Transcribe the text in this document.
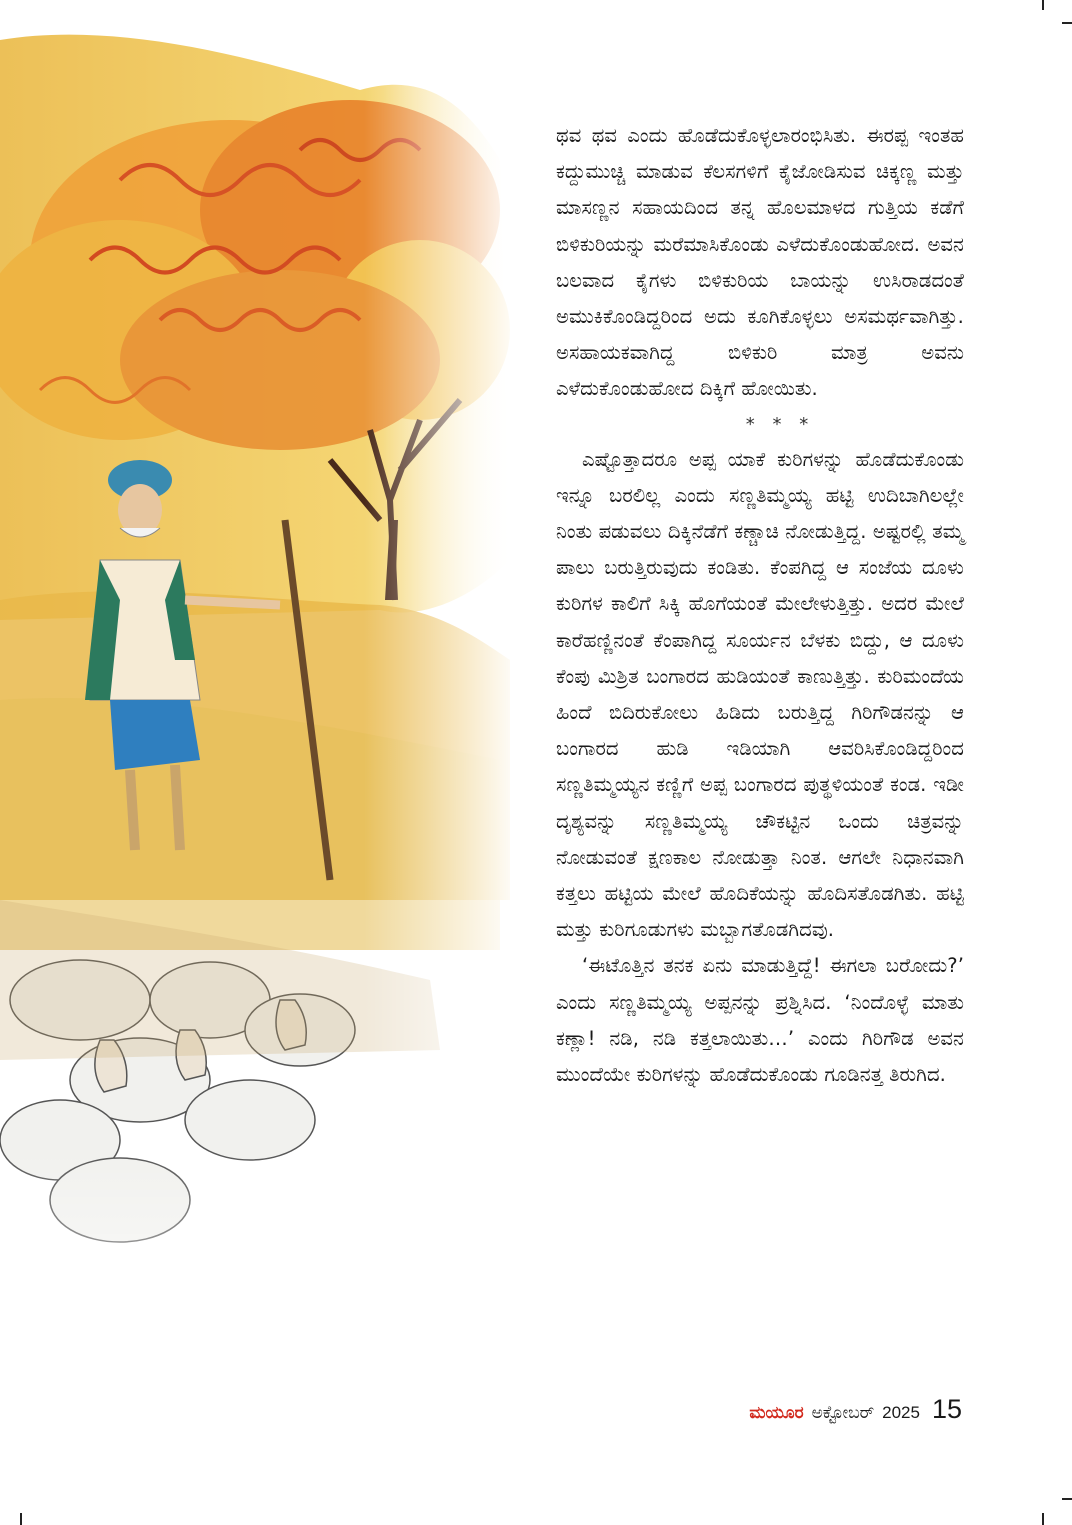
ಥವ ಥವ ಎಂದು ಹೊಡೆದುಕೊಳ್ಳಲಾರಂಭಿಸಿತು. ಈರಪ್ಪ ಇಂತಹ ಕದ್ದುಮುಚ್ಚಿ ಮಾಡುವ ಕೆಲಸಗಳಿಗೆ ಕೈಜೋಡಿಸುವ ಚಿಕ್ಕಣ್ಣ ಮತ್ತು ಮಾಸಣ್ಣನ ಸಹಾಯದಿಂದ ತನ್ನ ಹೊಲಮಾಳದ ಗುತ್ತಿಯ ಕಡೆಗೆ ಬಿಳಿಕುರಿಯನ್ನು ಮರೆಮಾಸಿಕೊಂಡು ಎಳೆದುಕೊಂಡುಹೋದ. ಅವನ ಬಲವಾದ ಕೈಗಳು ಬಿಳಿಕುರಿಯ ಬಾಯನ್ನು ಉಸಿರಾಡದಂತೆ ಅಮುಕಿಕೊಂಡಿದ್ದರಿಂದ ಅದು ಕೂಗಿಕೊಳ್ಳಲು ಅಸಮರ್ಥವಾಗಿತ್ತು. ಅಸಹಾಯಕವಾಗಿದ್ದ ಬಿಳಿಕುರಿ ಮಾತ್ರ ಅವನು ಎಳೆದುಕೊಂಡುಹೋದ ದಿಕ್ಕಿಗೆ ಹೋಯಿತು.

* * *

ಎಷ್ಟೊತ್ತಾದರೂ ಅಪ್ಪ ಯಾಕೆ ಕುರಿಗಳನ್ನು ಹೊಡೆದುಕೊಂಡು ಇನ್ನೂ ಬರಲಿಲ್ಲ ಎಂದು ಸಣ್ಣತಿಮ್ಮಯ್ಯ ಹಟ್ಟಿ ಉದಿಬಾಗಿಲಲ್ಲೇ ನಿಂತು ಪಡುವಲು ದಿಕ್ಕಿನೆಡೆಗೆ ಕಣ್ಚಾಚಿ ನೋಡುತ್ತಿದ್ದ. ಅಷ್ಟರಲ್ಲಿ ತಮ್ಮ ಪಾಲು ಬರುತ್ತಿರುವುದು ಕಂಡಿತು. ಕೆಂಪಗಿದ್ದ ಆ ಸಂಜೆಯ ದೂಳು ಕುರಿಗಳ ಕಾಲಿಗೆ ಸಿಕ್ಕಿ ಹೊಗೆಯಂತೆ ಮೇಲೇಳುತ್ತಿತ್ತು. ಅದರ ಮೇಲೆ ಕಾರೆಹಣ್ಣಿನಂತೆ ಕೆಂಪಾಗಿದ್ದ ಸೂರ್ಯನ ಬೆಳಕು ಬಿದ್ದು, ಆ ದೂಳು ಕೆಂಪು ಮಿಶ್ರಿತ ಬಂಗಾರದ ಹುಡಿಯಂತೆ ಕಾಣುತ್ತಿತ್ತು. ಕುರಿಮಂದೆಯ ಹಿಂದೆ ಬಿದಿರುಕೋಲು ಹಿಡಿದು ಬರುತ್ತಿದ್ದ ಗಿರಿಗೌಡನನ್ನು ಆ ಬಂಗಾರದ ಹುಡಿ ಇಡಿಯಾಗಿ ಆವರಿಸಿಕೊಂಡಿದ್ದರಿಂದ ಸಣ್ಣತಿಮ್ಮಯ್ಯನ ಕಣ್ಣಿಗೆ ಅಪ್ಪ ಬಂಗಾರದ ಪುತ್ಥಳಿಯಂತೆ ಕಂಡ. ಇಡೀ ದೃಶ್ಯವನ್ನು ಸಣ್ಣತಿಮ್ಮಯ್ಯ ಚೌಕಟ್ಟಿನ ಒಂದು ಚಿತ್ರವನ್ನು ನೋಡುವಂತೆ ಕ್ಷಣಕಾಲ ನೋಡುತ್ತಾ ನಿಂತ. ಆಗಲೇ ನಿಧಾನವಾಗಿ ಕತ್ತಲು ಹಟ್ಟಿಯ ಮೇಲೆ ಹೊದಿಕೆಯನ್ನು ಹೊದಿಸತೊಡಗಿತು. ಹಟ್ಟಿ ಮತ್ತು ಕುರಿಗೂಡುಗಳು ಮಬ್ಬಾಗತೊಡಗಿದವು.

‘ಈಟೊತ್ತಿನ ತನಕ ಏನು ಮಾಡುತ್ತಿದ್ದೆ! ಈಗಲಾ ಬರೋದು?’ ಎಂದು ಸಣ್ಣತಿಮ್ಮಯ್ಯ ಅಪ್ಪನನ್ನು ಪ್ರಶ್ನಿಸಿದ. ‘ನಿಂದೊಳ್ಳೆ ಮಾತು ಕಣ್ಲಾ! ನಡಿ, ನಡಿ ಕತ್ತಲಾಯಿತು…’ ಎಂದು ಗಿರಿಗೌಡ ಅವನ ಮುಂದೆಯೇ ಕುರಿಗಳನ್ನು ಹೊಡೆದುಕೊಂಡು ಗೂಡಿನತ್ತ ತಿರುಗಿದ.

ಮಯೂರ ಅಕ್ಟೋಬರ್ 2025 15
